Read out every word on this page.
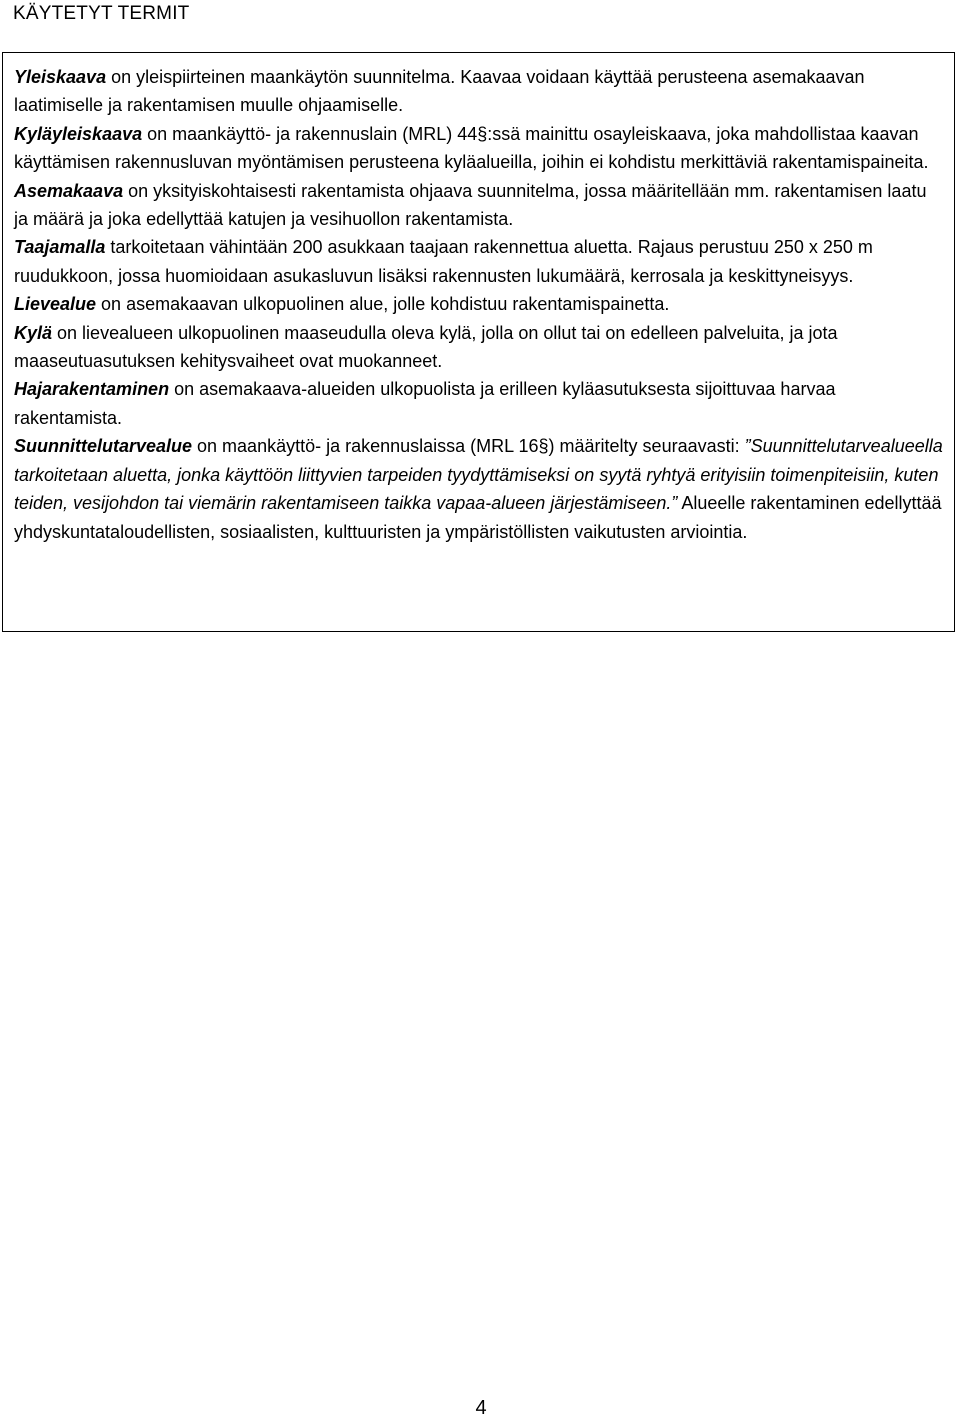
KÄYTETYT TERMIT

Yleiskaava on yleispiirteinen maankäytön suunnitelma. Kaavaa voidaan käyttää perusteena asemakaavan laatimiselle ja rakentamisen muulle ohjaamiselle.

Kyläyleiskaava on maankäyttö- ja rakennuslain (MRL) 44§:ssä mainittu osayleiskaava, joka mahdollistaa kaavan käyttämisen rakennusluvan myöntämisen perusteena kyläalueilla, joihin ei kohdistu merkittäviä rakentamispaineita.

Asemakaava on yksityiskohtaisesti rakentamista ohjaava suunnitelma, jossa määritellään mm. rakentamisen laatu ja määrä ja joka edellyttää katujen ja vesihuollon rakentamista.

Taajamalla tarkoitetaan vähintään 200 asukkaan taajaan rakennettua aluetta. Rajaus perustuu 250 x 250 m ruudukkoon, jossa huomioidaan asukasluvun lisäksi rakennusten lukumäärä, kerrosala ja keskittyneisyys.

Lievealue on asemakaavan ulkopuolinen alue, jolle kohdistuu rakentamispainetta.

Kylä on lievealueen ulkopuolinen maaseudulla oleva kylä, jolla on ollut tai on edelleen palveluita, ja jota maaseutuasutuksen kehitysvaiheet ovat muokanneet.

Hajarakentaminen on asemakaava-alueiden ulkopuolista ja erilleen kyläasutuksesta sijoittuvaa harvaa rakentamista.

Suunnittelutarvealue on maankäyttö- ja rakennuslaissa (MRL 16§) määritelty seuraavasti: ”Suunnittelutarvealueella tarkoitetaan aluetta, jonka käyttöön liittyvien tarpeiden tyydyttämiseksi on syytä ryhtyä erityisiin toimenpiteisiin, kuten teiden, vesijohdon tai viemärin rakentamiseen taikka vapaa-alueen järjestämiseen.” Alueelle rakentaminen edellyttää yhdyskuntataloudellisten, sosiaalisten, kulttuuristen ja ympäristöllisten vaikutusten arviointia.

4
